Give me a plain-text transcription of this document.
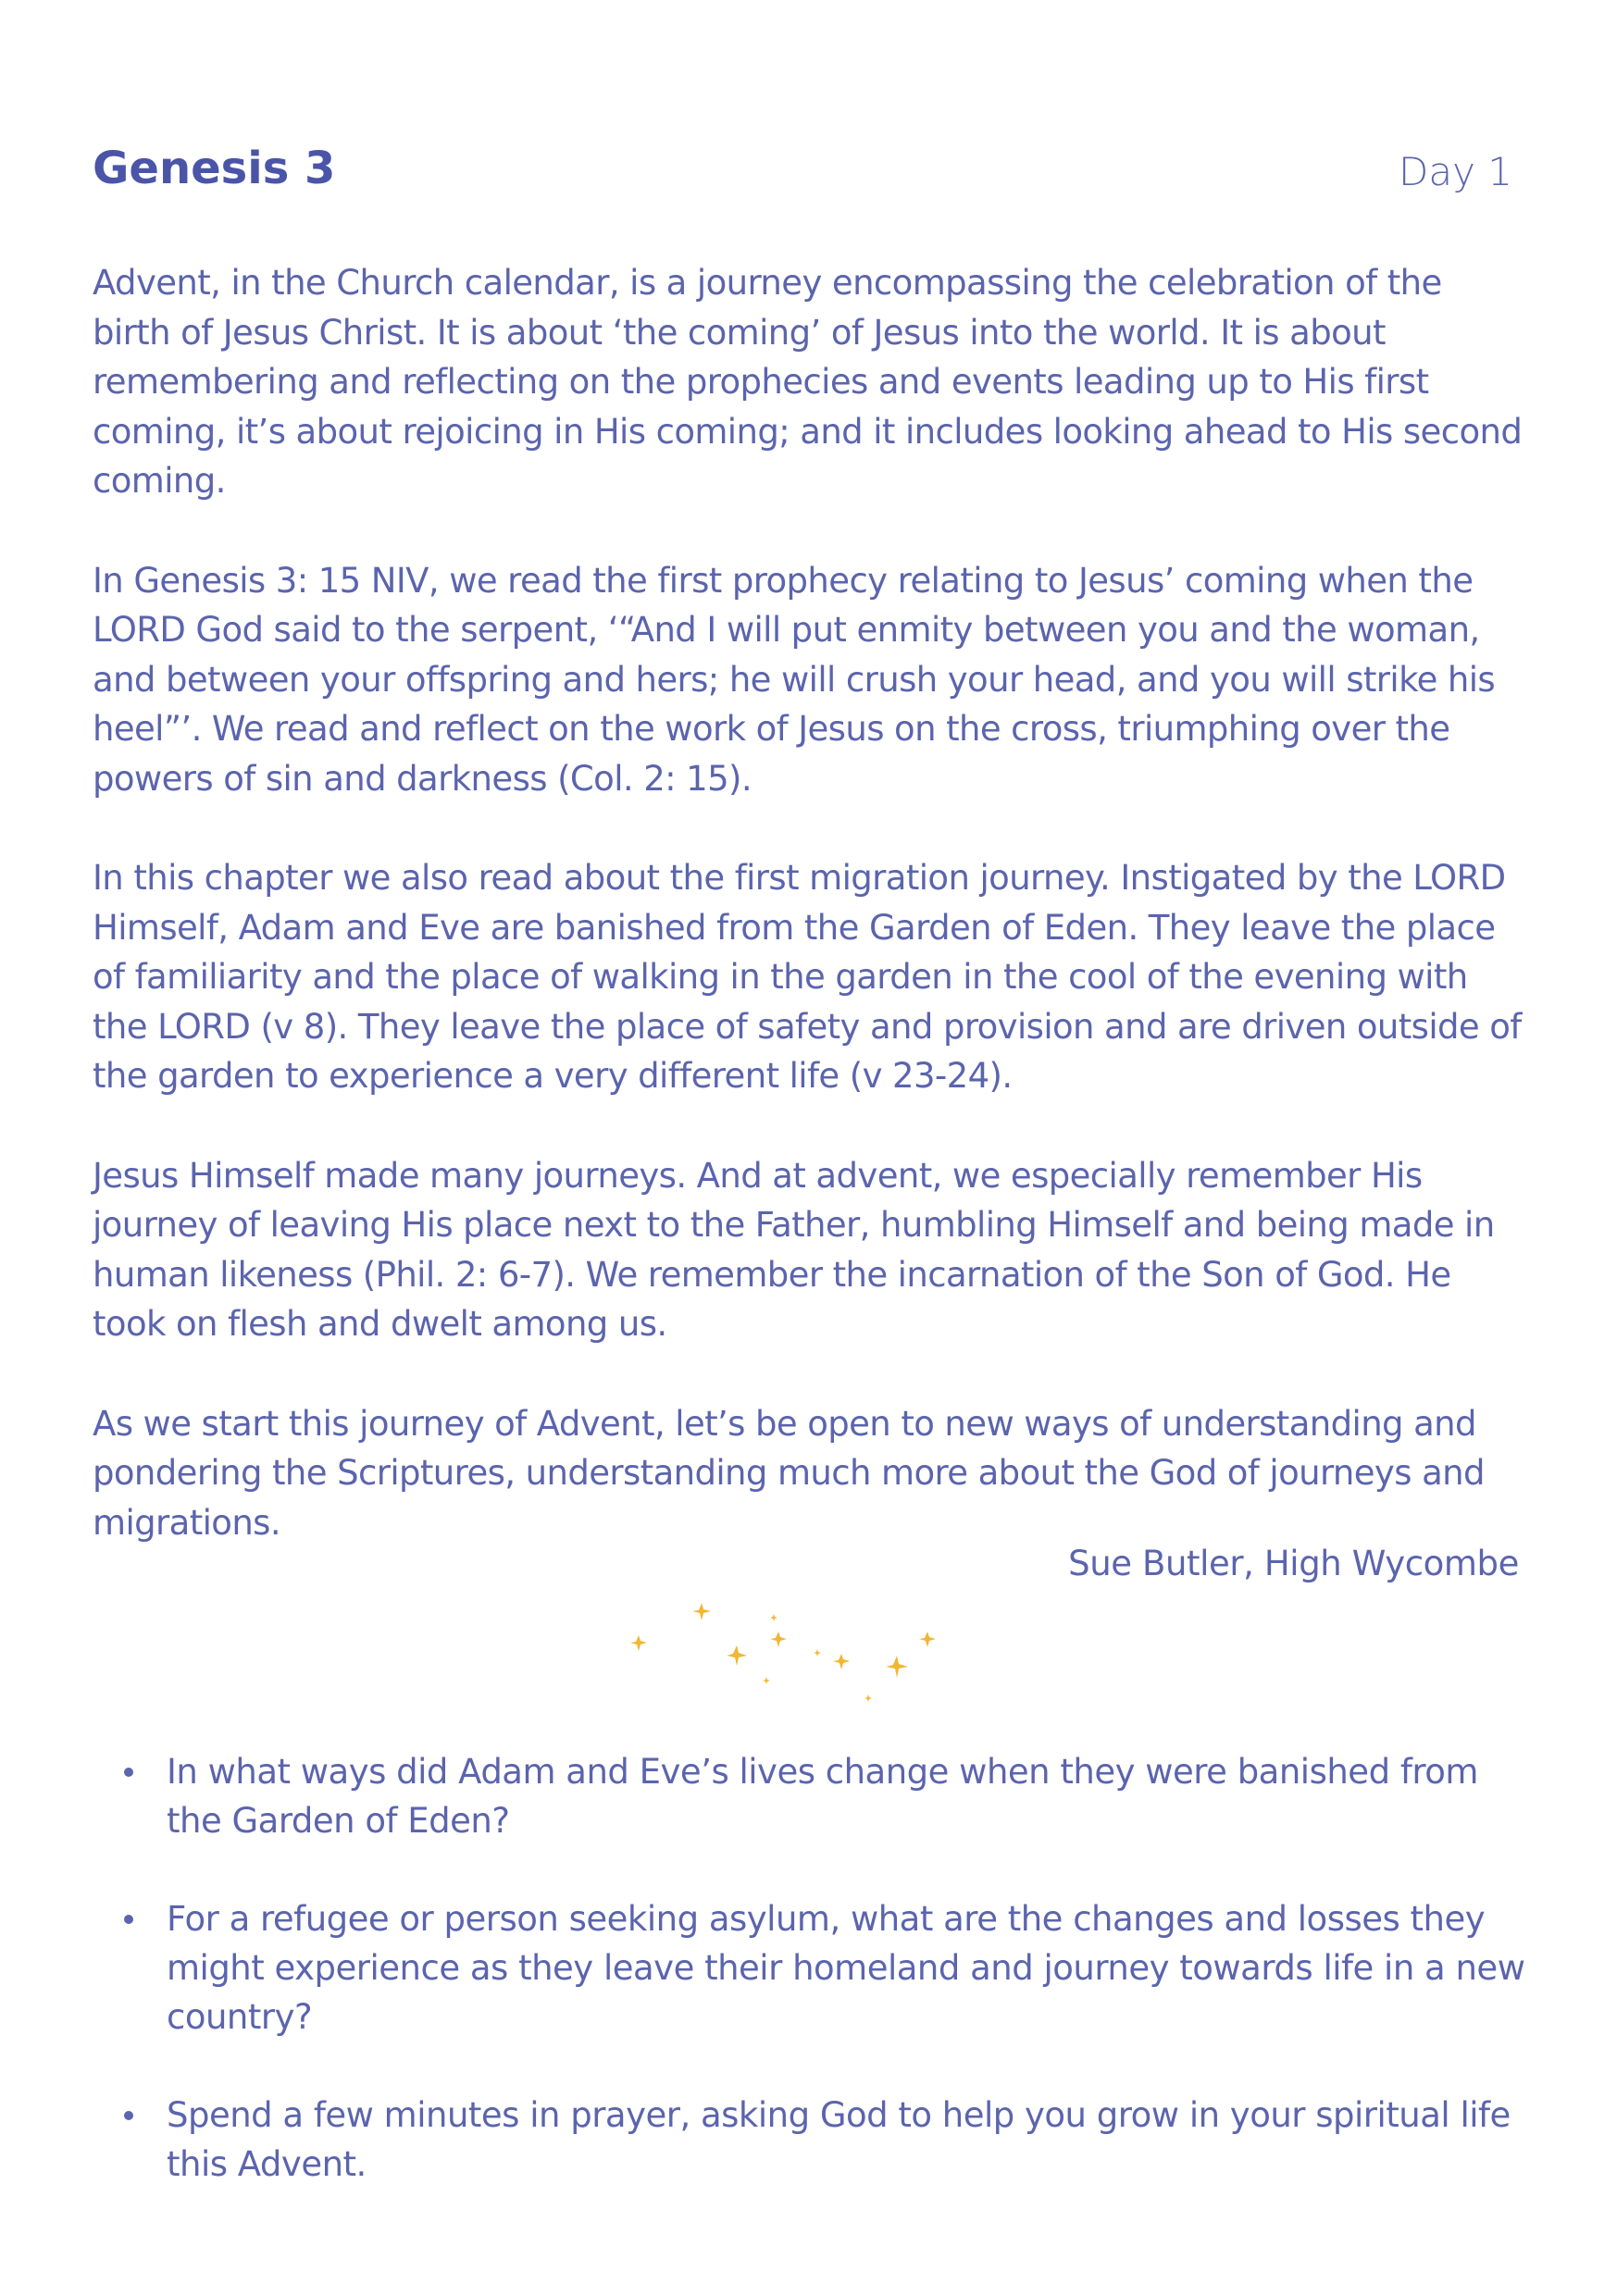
Genesis 3	Day 1

Advent, in the Church calendar, is a journey encompassing the celebration of the birth of Jesus Christ. It is about ‘the coming’ of Jesus into the world. It is about remembering and reflecting on the prophecies and events leading up to His first coming, it’s about rejoicing in His coming; and it includes looking ahead to His second coming.

In Genesis 3: 15 NIV, we read the first prophecy relating to Jesus’ coming when the LORD God said to the serpent, ‘“And I will put enmity between you and the woman, and between your offspring and hers; he will crush your head, and you will strike his heel”’. We read and reflect on the work of Jesus on the cross, triumphing over the powers of sin and darkness (Col. 2: 15).

In this chapter we also read about the first migration journey. Instigated by the LORD Himself, Adam and Eve are banished from the Garden of Eden. They leave the place of familiarity and the place of walking in the garden in the cool of the evening with the LORD (v 8). They leave the place of safety and provision and are driven outside of the garden to experience a very different life (v 23-24).

Jesus Himself made many journeys. And at advent, we especially remember His journey of leaving His place next to the Father, humbling Himself and being made in human likeness (Phil. 2: 6-7). We remember the incarnation of the Son of God. He took on flesh and dwelt among us.

As we start this journey of Advent, let’s be open to new ways of understanding and pondering the Scriptures, understanding much more about the God of journeys and migrations.

Sue Butler, High Wycombe
In what ways did Adam and Eve’s lives change when they were banished from the Garden of Eden?
For a refugee or person seeking asylum, what are the changes and losses they might experience as they leave their homeland and journey towards life in a new country?
Spend a few minutes in prayer, asking God to help you grow in your spiritual life this Advent.
